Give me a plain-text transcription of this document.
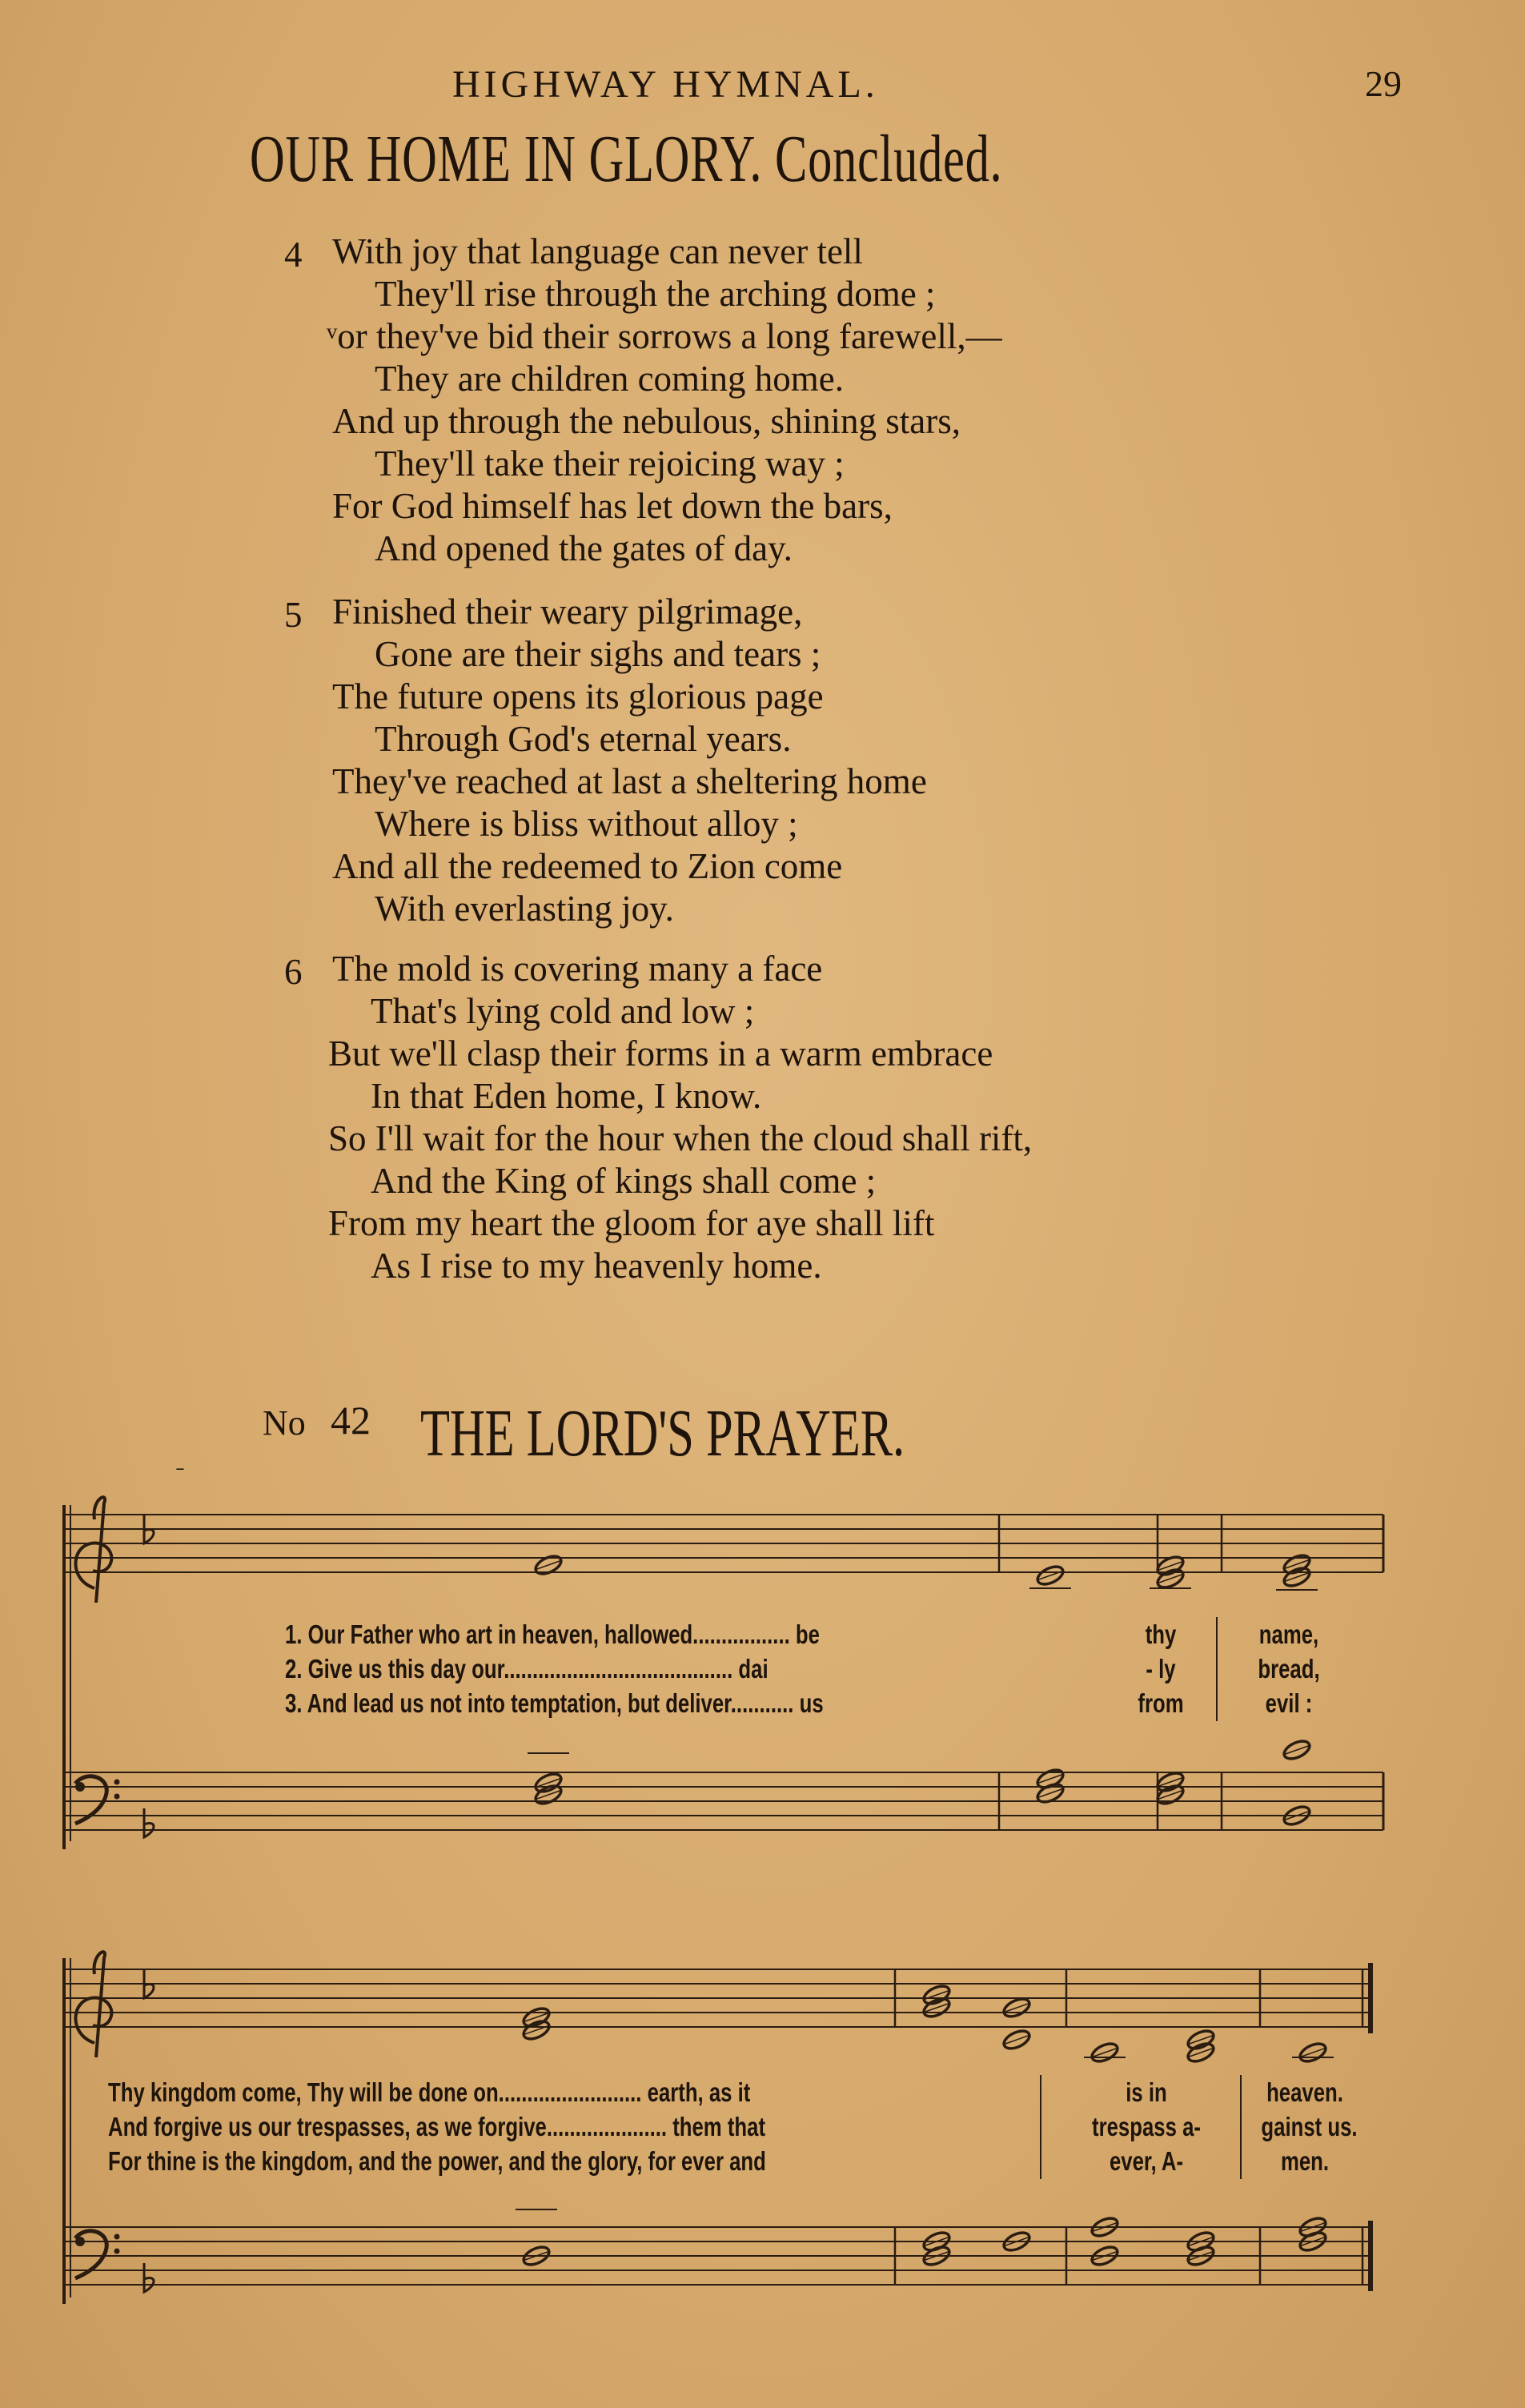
HIGHWAY HYMNAL.	29
OUR HOME IN GLORY. Concluded.
4 With joy that language can never tell
They'll rise through the arching dome ;
ᵛor they've bid their sorrows a long farewell,—
They are children coming home.
And up through the nebulous, shining stars,
They'll take their rejoicing way ;
For God himself has let down the bars,
And opened the gates of day.
5 Finished their weary pilgrimage,
Gone are their sighs and tears ;
The future opens its glorious page
Through God's eternal years.
They've reached at last a sheltering home
Where is bliss without alloy ;
And all the redeemed to Zion come
With everlasting joy.
6 The mold is covering many a face
That's lying cold and low ;
But we'll clasp their forms in a warm embrace
In that Eden home, I know.
So I'll wait for the hour when the cloud shall rift,
And the King of kings shall come ;
From my heart the gloom for aye shall lift
As I rise to my heavenly home.
ˍ
No 42 THE LORD'S PRAYER.
1. Our Father who art in heaven, hallowed................. be
2. Give us this day our........................................ dai
3. And lead us not into temptation, but deliver........... us
thy
- ly
from
name,
bread,
evil :
Thy kingdom come, Thy will be done on......................... earth, as it
And forgive us our trespasses, as we forgive..................... them that
For thine is the kingdom, and the power, and the glory, for ever and
is in
trespass a-
ever, A-
heaven.
gainst us.
men.
